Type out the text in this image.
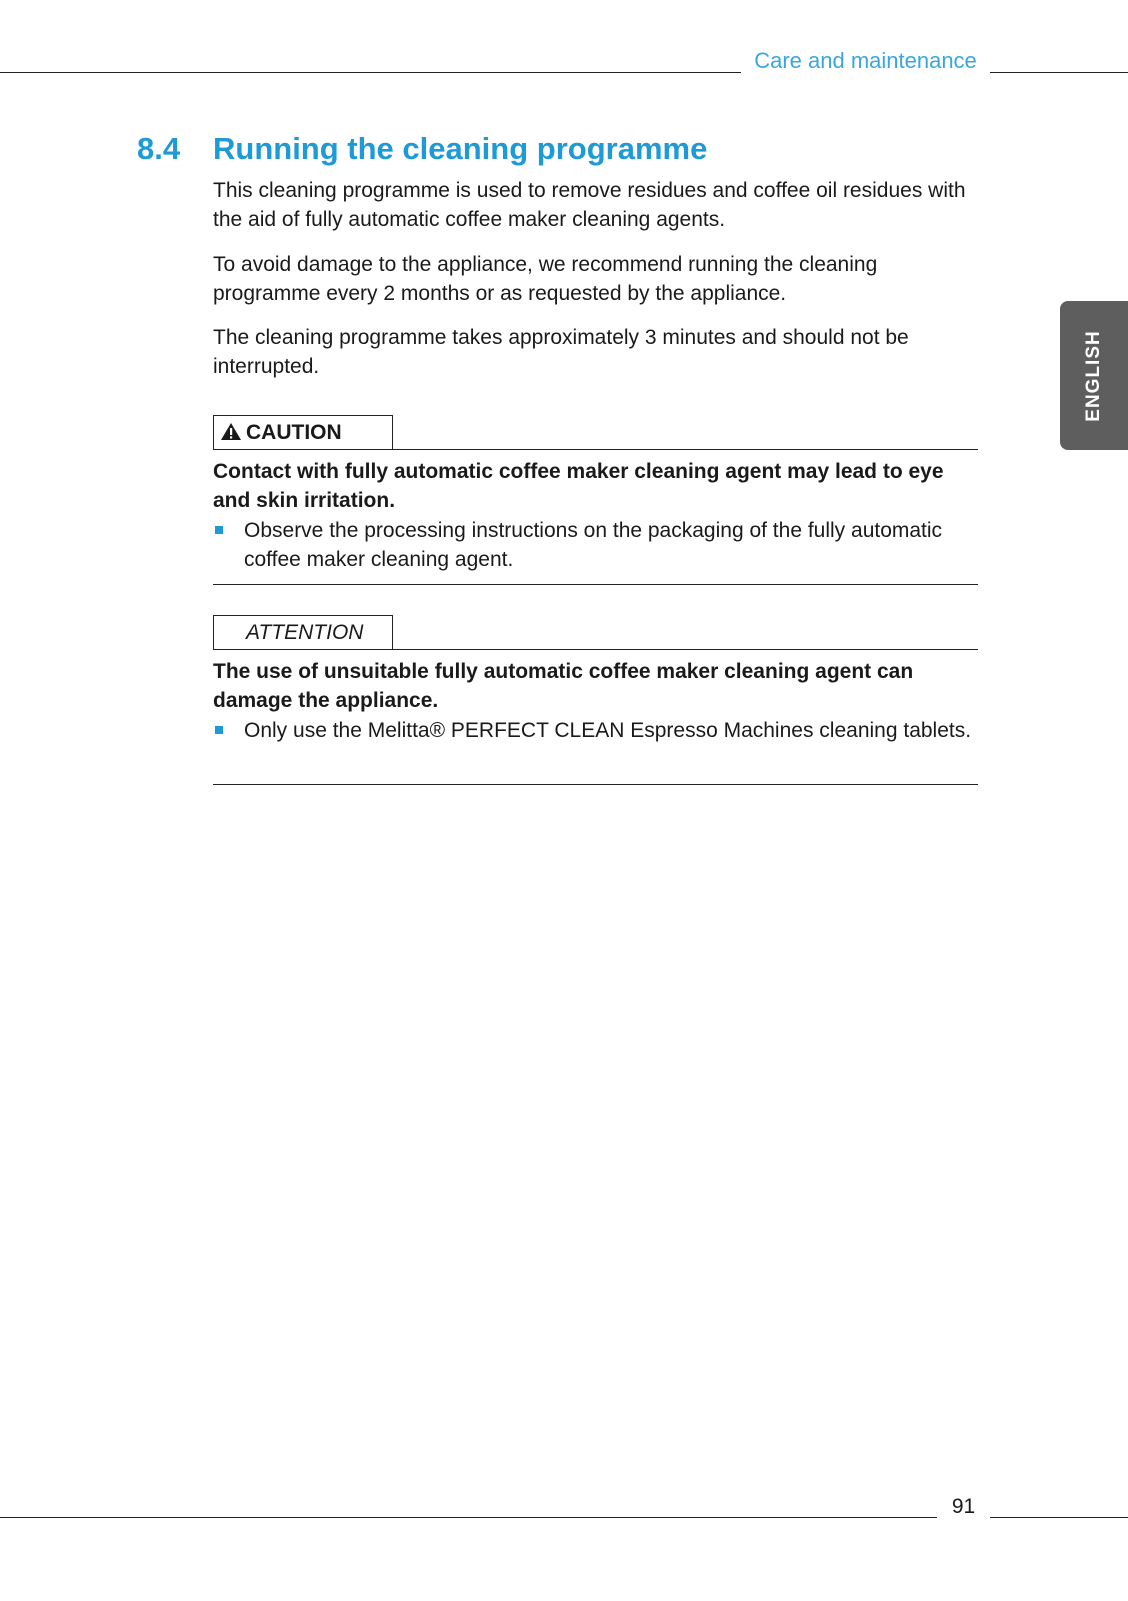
Care and maintenance
ENGLISH
8.4 Running the cleaning programme

This cleaning programme is used to remove residues and coffee oil residues with the aid of fully automatic coffee maker cleaning agents.

To avoid damage to the appliance, we recommend running the cleaning programme every 2 months or as requested by the appliance.

The cleaning programme takes approximately 3 minutes and should not be interrupted.

CAUTION
Contact with fully automatic coffee maker cleaning agent may lead to eye and skin irritation.
Observe the processing instructions on the packaging of the fully automatic coffee maker cleaning agent.
ATTENTION
The use of unsuitable fully automatic coffee maker cleaning agent can damage the appliance.
Only use the Melitta® PERFECT CLEAN Espresso Machines cleaning tablets.
91
